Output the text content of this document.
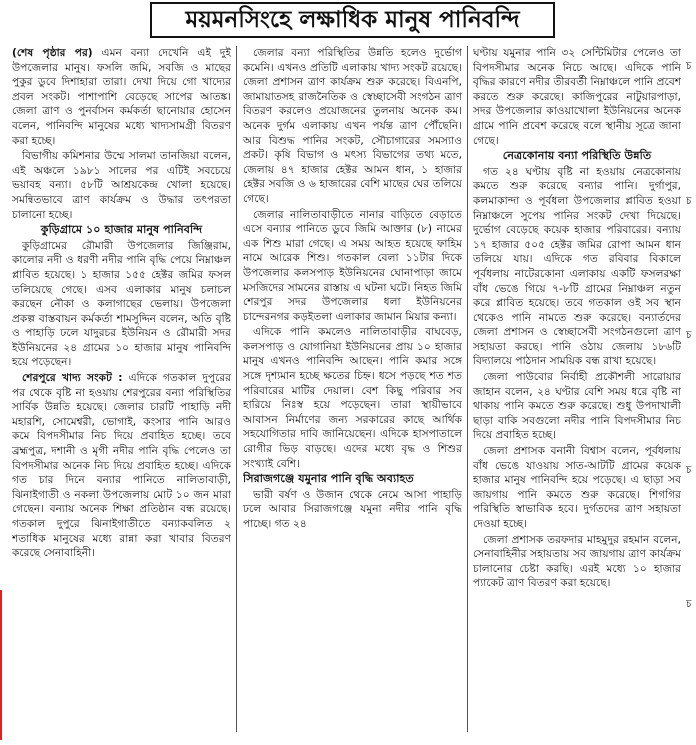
ময়মনসিংহে লক্ষাধিক মানুষ পানিবন্দি

(শেষ পৃষ্ঠার পর) এমন বন্যা দেখেনি এই দুই উপজেলার মানুষ। ফসলি জমি, সবজি ও মাছের পুকুর ডুবে দিশাহারা তারা। দেখা দিয়ে গো খাদ্যের প্রবল সংকট। পাশাপাশি বেড়েছে সাপের আতঙ্ক। জেলা ত্রাণ ও পুনর্বাসন কর্মকর্তা ছানোয়ার হোসেন বলেন, পানিবন্দি মানুষের মধ্যে খাদ্যসামগ্রী বিতরণ করা হচ্ছে।

বিভাগীয় কমিশনার উম্মে সালমা তানজিয়া বলেন, এই অঞ্চলে ১৯৮১ সালের পর এটিই সবচেয়ে ভয়াবহ বন্যা। ৫৮টি আশ্রয়কেন্দ্র খোলা হয়েছে। সমন্বিতভাবে ত্রাণ কার্যক্রম ও উদ্ধার তৎপরতা চালানো হচ্ছে।

কুড়িগ্রামে ১০ হাজার মানুষ পানিবন্দি

কুড়িগ্রামের রৌমারী উপজেলার জিঞ্জিরাম, কালোর নদী ও ধরণী নদীর পানি বৃদ্ধি পেয়ে নিম্নাঞ্চল প্লাবিত হয়েছে। ১ হাজার ১৫৫ হেক্টর জমির ফসল তলিয়েছে গেছে। এসব এলাকার মানুষ চলাচল করছেন নৌকা ও কলাগাছের ভেলায়। উপজেলা প্রকল্প বাস্তবায়ন কর্মকর্তা শামসুদ্দিন বলেন, অতি বৃষ্টি ও পাহাড়ি ঢলে যাদুরচর ইউনিয়ন ও রৌমারী সদর ইউনিয়নের ২৪ গ্রামের ১০ হাজার মানুষ পানিবন্দি হয়ে পড়েছেন।

শেরপুরে খাদ্য সংকট : এদিকে গতকাল দুপুরের পর থেকে বৃষ্টি না হওয়ায় শেরপুরের বন্যা পরিস্থিতির সার্বিক উন্নতি হয়েছে। জেলার চারটি পাহাড়ি নদী মহারশি, সোমেশ্বরী, ভোগাই, কংসার পানি আরও কমে বিপদসীমার নিচ দিয়ে প্রবাহিত হচ্ছে। তবে ব্রহ্মপুত্র, দশানী ও মৃগী নদীর পানি বৃদ্ধি পেলেও তা বিপদসীমার অনেক নিচ দিয়ে প্রবাহিত হচ্ছে। এদিকে গত চার দিনে বন্যার পানিতে নালিতাবাড়ী, ঝিনাইগাতী ও নকলা উপজেলায় মোট ১০ জন মারা গেছেন। বন্যায় অনেক শিক্ষা প্রতিষ্ঠান বন্ধ রয়েছে। গতকাল দুপুরে ঝিনাইগাতীতে বন্যাকবলিত ২ শতাধিক মানুষের মধ্যে রান্না করা খাবার বিতরণ করেছে সেনাবাহিনী।

জেলার বন্যা পরিস্থিতির উন্নতি হলেও দুর্ভোগ কমেনি। এখনও প্রতিটি এলাকায় খাদ্য সংকট রয়েছে। জেলা প্রশাসন ত্রাণ কার্যক্রম শুরু করেছে। বিএনপি, জামায়াতসহ রাজনৈতিক ও স্বেচ্ছাসেবী সংগঠন ত্রাণ বিতরণ করলেও প্রয়োজনের তুলনায় অনেক কম। অনেক দুর্গম এলাকায় এখন পর্যন্ত ত্রাণ পৌঁছেনি। আর বিশুদ্ধ পানির সংকট, সৌচাগারের সমস্যাও প্রকট। কৃষি বিভাগ ও মৎস্য বিভাগের তথ্য মতে, জেলায় ৪৭ হাজার হেক্টর আমন ধান, ১ হাজার হেক্টর সবজি ও ৬ হাজারের বেশি মাছের ঘের তলিয়ে গেছে।

জেলার নালিতাবাড়ীতে নানার বাড়িতে বেড়াতে এসে বন্যার পানিতে ডুবে জিমি আক্তার (৮) নামের এক শিশু মারা গেছে। এ সময় আহত হয়েছে ফাহিম নামে আরেক শিশু। গতকাল বেলা ১১টার দিকে উপজেলার কলসপাড় ইউনিয়নের ঘোনাপাড়া জামে মসজিদের সামনের রাস্তায় এ ঘটনা ঘটে। নিহত জিমি শেরপুর সদর উপজেলার ধলা ইউনিয়নের চান্দেরনগর কড়ইতলা এলাকার জামান মিয়ার কন্যা।

এদিকে পানি কমলেও নালিতাবাড়ীর বাঘবেড়, কলসপাড় ও যোগানিয়া ইউনিয়নের প্রায় ১০ হাজার মানুষ এখনও পানিবন্দি আছেন। পানি কমার সঙ্গে সঙ্গে দৃশ্যমান হচ্ছে ক্ষতের চিহ্ন। ধসে পড়ছে শত শত পরিবারের মাটির দেয়াল। বেশ কিছু পরিবার সব হারিয়ে নিঃস্ব হয়ে পড়েছেন। তারা স্থায়ীভাবে আবাসন নির্মাণের জন্য সরকারের কাছে আর্থিক সহযোগিতার দাবি জানিয়েছেন। এদিকে হাসপাতালে রোগীর ভিড় বাড়ছে। এদের মধ্যে বৃদ্ধ ও শিশুর সংখ্যাই বেশি।

সিরাজগঞ্জে যমুনার পানি বৃদ্ধি অব্যাহত

ভারী বর্ষণ ও উজান থেকে নেমে আসা পাহাড়ি ঢলে আবার সিরাজগঞ্জে যমুনা নদীর পানি বৃদ্ধি পাচ্ছে। গত ২৪

ঘণ্টায় যমুনার পানি ৩২ সেন্টিমিটার পেলেও তা বিপদসীমার অনেক নিচে আছে। এদিকে পানি বৃদ্ধির কারণে নদীর তীরবর্তী নিম্নাঞ্চলে পানি প্রবেশ করতে শুরু করেছে। কাজিপুরের নাটুয়ারপাড়া, সদর উপজেলার কাওয়াখোলা ইউনিয়নের অনেক গ্রামে পানি প্রবেশ করেছে বলে স্থানীয় সূত্রে জানা গেছে।

নেত্রকোনায় বন্যা পরিস্থিতি উন্নতি

গত ২৪ ঘণ্টায় বৃষ্টি না হওয়ায় নেত্রকোনায় কমতে শুরু করেছে বন্যার পানি। দুর্গাপুর, কলমাকান্দা ও পূর্বধলা উপজেলার প্লাবিত হওয়া নিম্নাঞ্চলে সুপেয় পানির সংকট দেখা দিয়েছে। দুর্ভোগ বেড়েছে কয়েক হাজার পরিবারের। বন্যায় ১৭ হাজার ৫০৫ হেক্টর জমির রোপা আমন ধান তলিয়ে যায়। এদিকে গত রবিবার বিকালে পূর্বধলায় নাটেরকোনা এলাকায় একটি ফসলরক্ষা বাঁধ ভেঙে গিয়ে ৭-৮টি গ্রামের নিম্নাঞ্চল নতুন করে প্লাবিত হয়েছে। তবে গতকাল ওই সব স্থান থেকেও পানি নামতে শুরু করেছে। বন্যার্তদের জেলা প্রশাসন ও স্বেচ্ছাসেবী সংগঠনগুলো ত্রাণ সহায়তা করছে। পানি ওঠায় জেলায় ১৮৬টি বিদ্যালয়ে পাঠদান সাময়িক বন্ধ রাখা হয়েছে।

জেলা পাউবোর নির্বাহী প্রকৌশলী সারোয়ার জাহান বলেন, ২৪ ঘণ্টার বেশি সময় ধরে বৃষ্টি না থাকায় পানি কমতে শুরু করেছে। শুধু উপদাখালী ছাড়া বাকি সবগুলো নদীর পানি বিপদসীমার নিচ দিয়ে প্রবাহিত হচ্ছে।

জেলা প্রশাসক বনানী বিশ্বাস বলেন, পূর্বধলায় বাঁধ ভেঙে যাওয়ায় সাত-আটটি গ্রামের কয়েক হাজার মানুষ পানিবন্দি হয়ে পড়েছে। এ ছাড়া সব জায়গায় পানি কমতে শুরু করেছে। শিগগির পরিস্থিতি স্বাভাবিক হবে। দুর্গতদের ত্রাণ সহায়তা দেওয়া হচ্ছে।

জেলা প্রশাসক তরফদার মাহমুদুর রহমান বলেন, সেনাবাহিনীর সহায়তায় সব জায়গায় ত্রাণ কার্যক্রম চালানোর চেষ্টা করছি। এরই মধ্যে ১০ হাজার প্যাকেট ত্রাণ বিতরণ করা হয়েছে।

চ
চ
চ
চ
চ
